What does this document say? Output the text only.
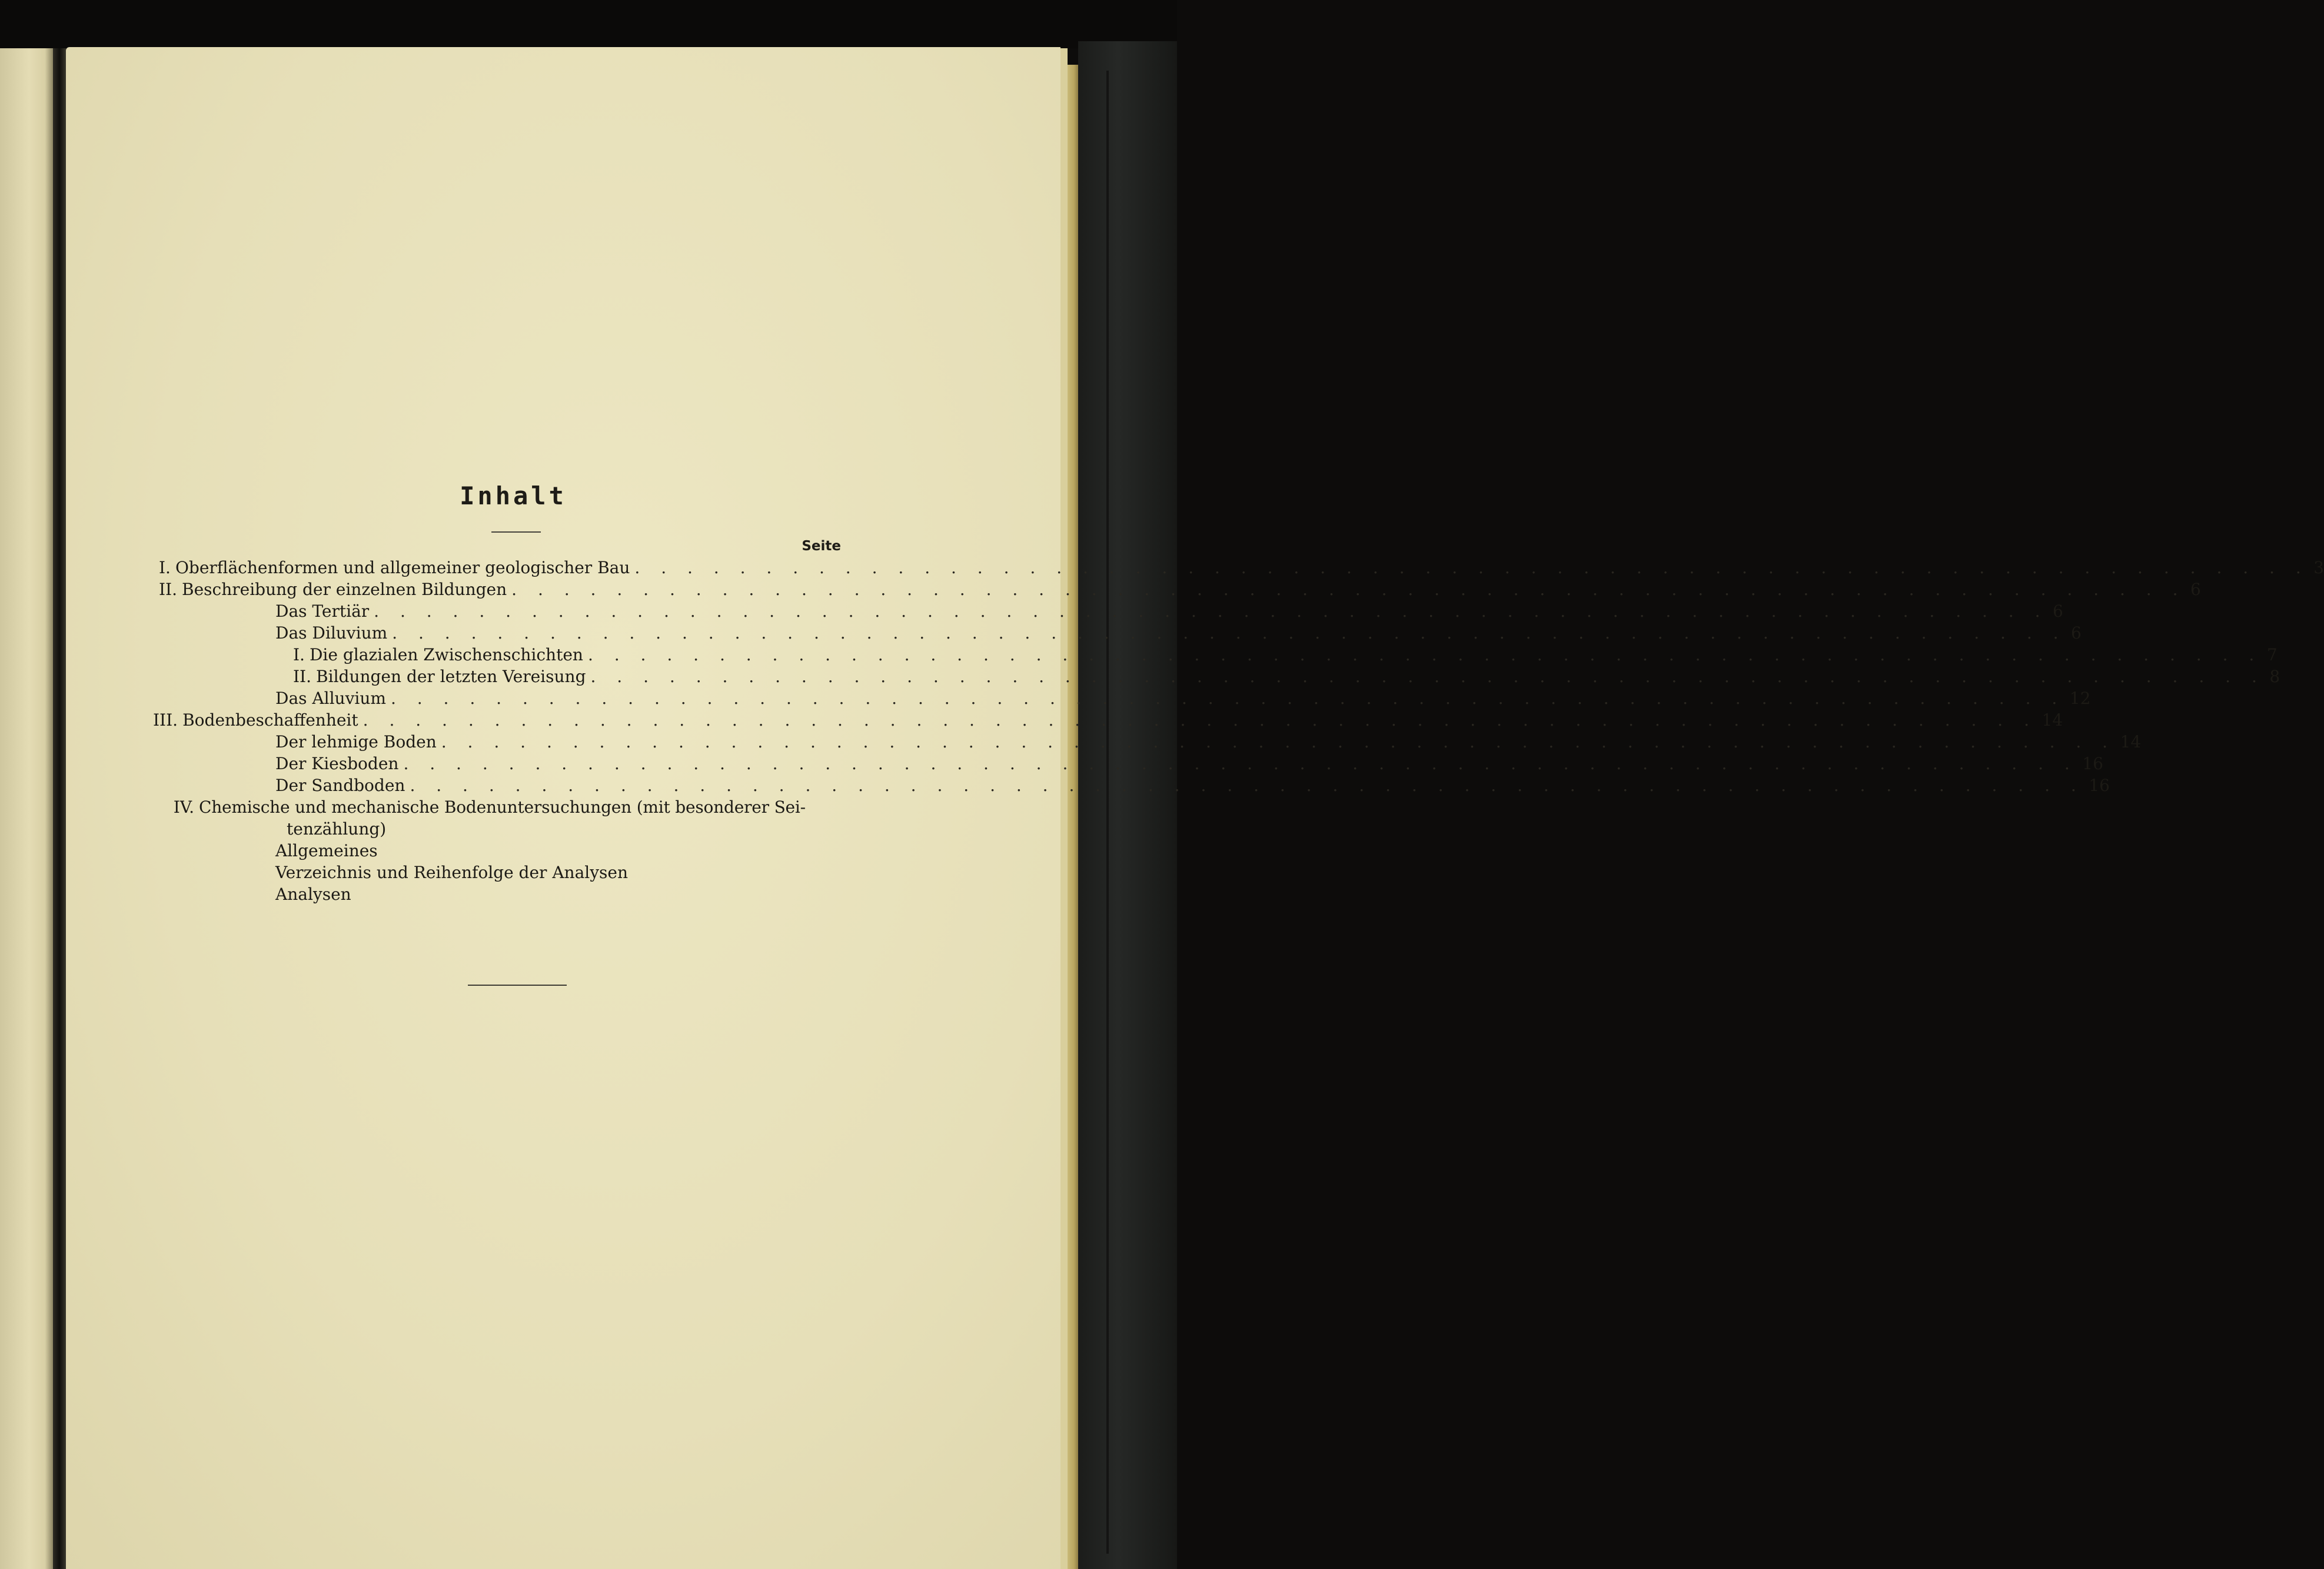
Inhalt
Seite
I. Oberflächenformen und allgemeiner geologischer Bau . . . . . . . . . . . . . . . . . . . . . . . . . . . . . . . . . . . . . . . . . . . . . . . . . . . . . . . . . . . . . . . . 3
II. Beschreibung der einzelnen Bildungen . . . . . . . . . . . . . . . . . . . . . . . . . . . . . . . . . . . . . . . . . . . . . . . . . . . . . . . . . . . . . . . . 6
Das Tertiär . . . . . . . . . . . . . . . . . . . . . . . . . . . . . . . . . . . . . . . . . . . . . . . . . . . . . . . . . . . . . . . . 6
Das Diluvium . . . . . . . . . . . . . . . . . . . . . . . . . . . . . . . . . . . . . . . . . . . . . . . . . . . . . . . . . . . . . . . . 6
I. Die glazialen Zwischenschichten . . . . . . . . . . . . . . . . . . . . . . . . . . . . . . . . . . . . . . . . . . . . . . . . . . . . . . . . . . . . . . . . 7
II. Bildungen der letzten Vereisung . . . . . . . . . . . . . . . . . . . . . . . . . . . . . . . . . . . . . . . . . . . . . . . . . . . . . . . . . . . . . . . . 8
Das Alluvium . . . . . . . . . . . . . . . . . . . . . . . . . . . . . . . . . . . . . . . . . . . . . . . . . . . . . . . . . . . . . . . . 12
III. Bodenbeschaffenheit . . . . . . . . . . . . . . . . . . . . . . . . . . . . . . . . . . . . . . . . . . . . . . . . . . . . . . . . . . . . . . . . 14
Der lehmige Boden . . . . . . . . . . . . . . . . . . . . . . . . . . . . . . . . . . . . . . . . . . . . . . . . . . . . . . . . . . . . . . . . 14
Der Kiesboden . . . . . . . . . . . . . . . . . . . . . . . . . . . . . . . . . . . . . . . . . . . . . . . . . . . . . . . . . . . . . . . . 16
Der Sandboden . . . . . . . . . . . . . . . . . . . . . . . . . . . . . . . . . . . . . . . . . . . . . . . . . . . . . . . . . . . . . . . . 16
IV. Chemische und mechanische Bodenuntersuchungen (mit besonderer Sei-
tenzählung)
Allgemeines
Verzeichnis und Reihenfolge der Analysen
Analysen
